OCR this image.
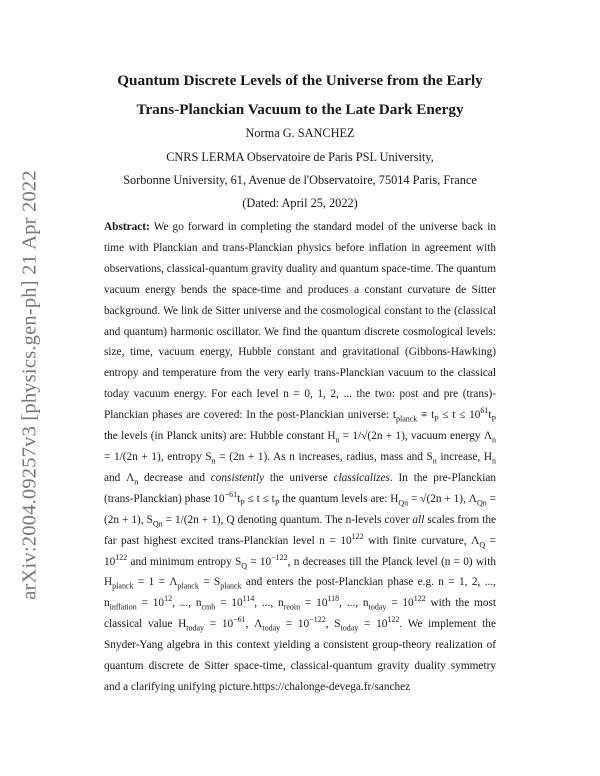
arXiv:2004.09257v3 [physics.gen-ph] 21 Apr 2022
Quantum Discrete Levels of the Universe from the Early
Trans-Planckian Vacuum to the Late Dark Energy
Norma G. SANCHEZ
CNRS LERMA Observatoire de Paris PSL University,
Sorbonne University, 61, Avenue de l'Observatoire, 75014 Paris, France
(Dated: April 25, 2022)
Abstract: We go forward in completing the standard model of the universe back in time with Planckian and trans-Planckian physics before inflation in agreement with observations, classical-quantum gravity duality and quantum space-time. The quantum vacuum energy bends the space-time and produces a constant curvature de Sitter background. We link de Sitter universe and the cosmological constant to the (classical and quantum) harmonic oscillator. We find the quantum discrete cosmological levels: size, time, vacuum energy, Hubble constant and gravitational (Gibbons-Hawking) entropy and temperature from the very early trans-Planckian vacuum to the classical today vacuum energy. For each level n = 0, 1, 2, ... the two: post and pre (trans)-Planckian phases are covered: In the post-Planckian universe: $t_{planck} \equiv t_P \le t \le 10^{61}t_P$ the levels (in Planck units) are: Hubble constant $H_n = 1/√(2n + 1)$, vacuum energy $\Lambda_n = 1/(2n + 1)$, entropy $S_n = (2n + 1)$. As n increases, radius, mass and $S_n$ increase, $H_n$ and $\Lambda_n$ decrease and consistently the universe classicalizes. In the pre-Planckian (trans-Planckian) phase $10^{-61}t_P \le t \le t_P$ the quantum levels are: $H_{Qn} = √(2n + 1)$, $\Lambda_{Qn} = (2n + 1)$, $S_{Qn} = 1/(2n + 1)$, Q denoting quantum. The n-levels cover all scales from the far past highest excited trans-Planckian level $n = 10^{122}$ with finite curvature, $\Lambda_Q = 10^{122}$ and minimum entropy $S_Q = 10^{-122}$, n decreases till the Planck level (n = 0) with $H_{planck} = 1 = \Lambda_{planck} = S_{planck}$ and enters the post-Planckian phase e.g. n = 1, 2, ..., $n_{inflation} = 10^{12}$, ..., $n_{cmb} = 10^{114}$, ..., $n_{reoin} = 10^{118}$, ..., $n_{today} = 10^{122}$ with the most classical value $H_{today} = 10^{-61}$, $\Lambda_{today} = 10^{-122}$, $S_{today} = 10^{122}$. We implement the Snyder-Yang algebra in this context yielding a consistent group-theory realization of quantum discrete de Sitter space-time, classical-quantum gravity duality symmetry and a clarifying unifying picture.https://chalonge-devega.fr/sanchez
